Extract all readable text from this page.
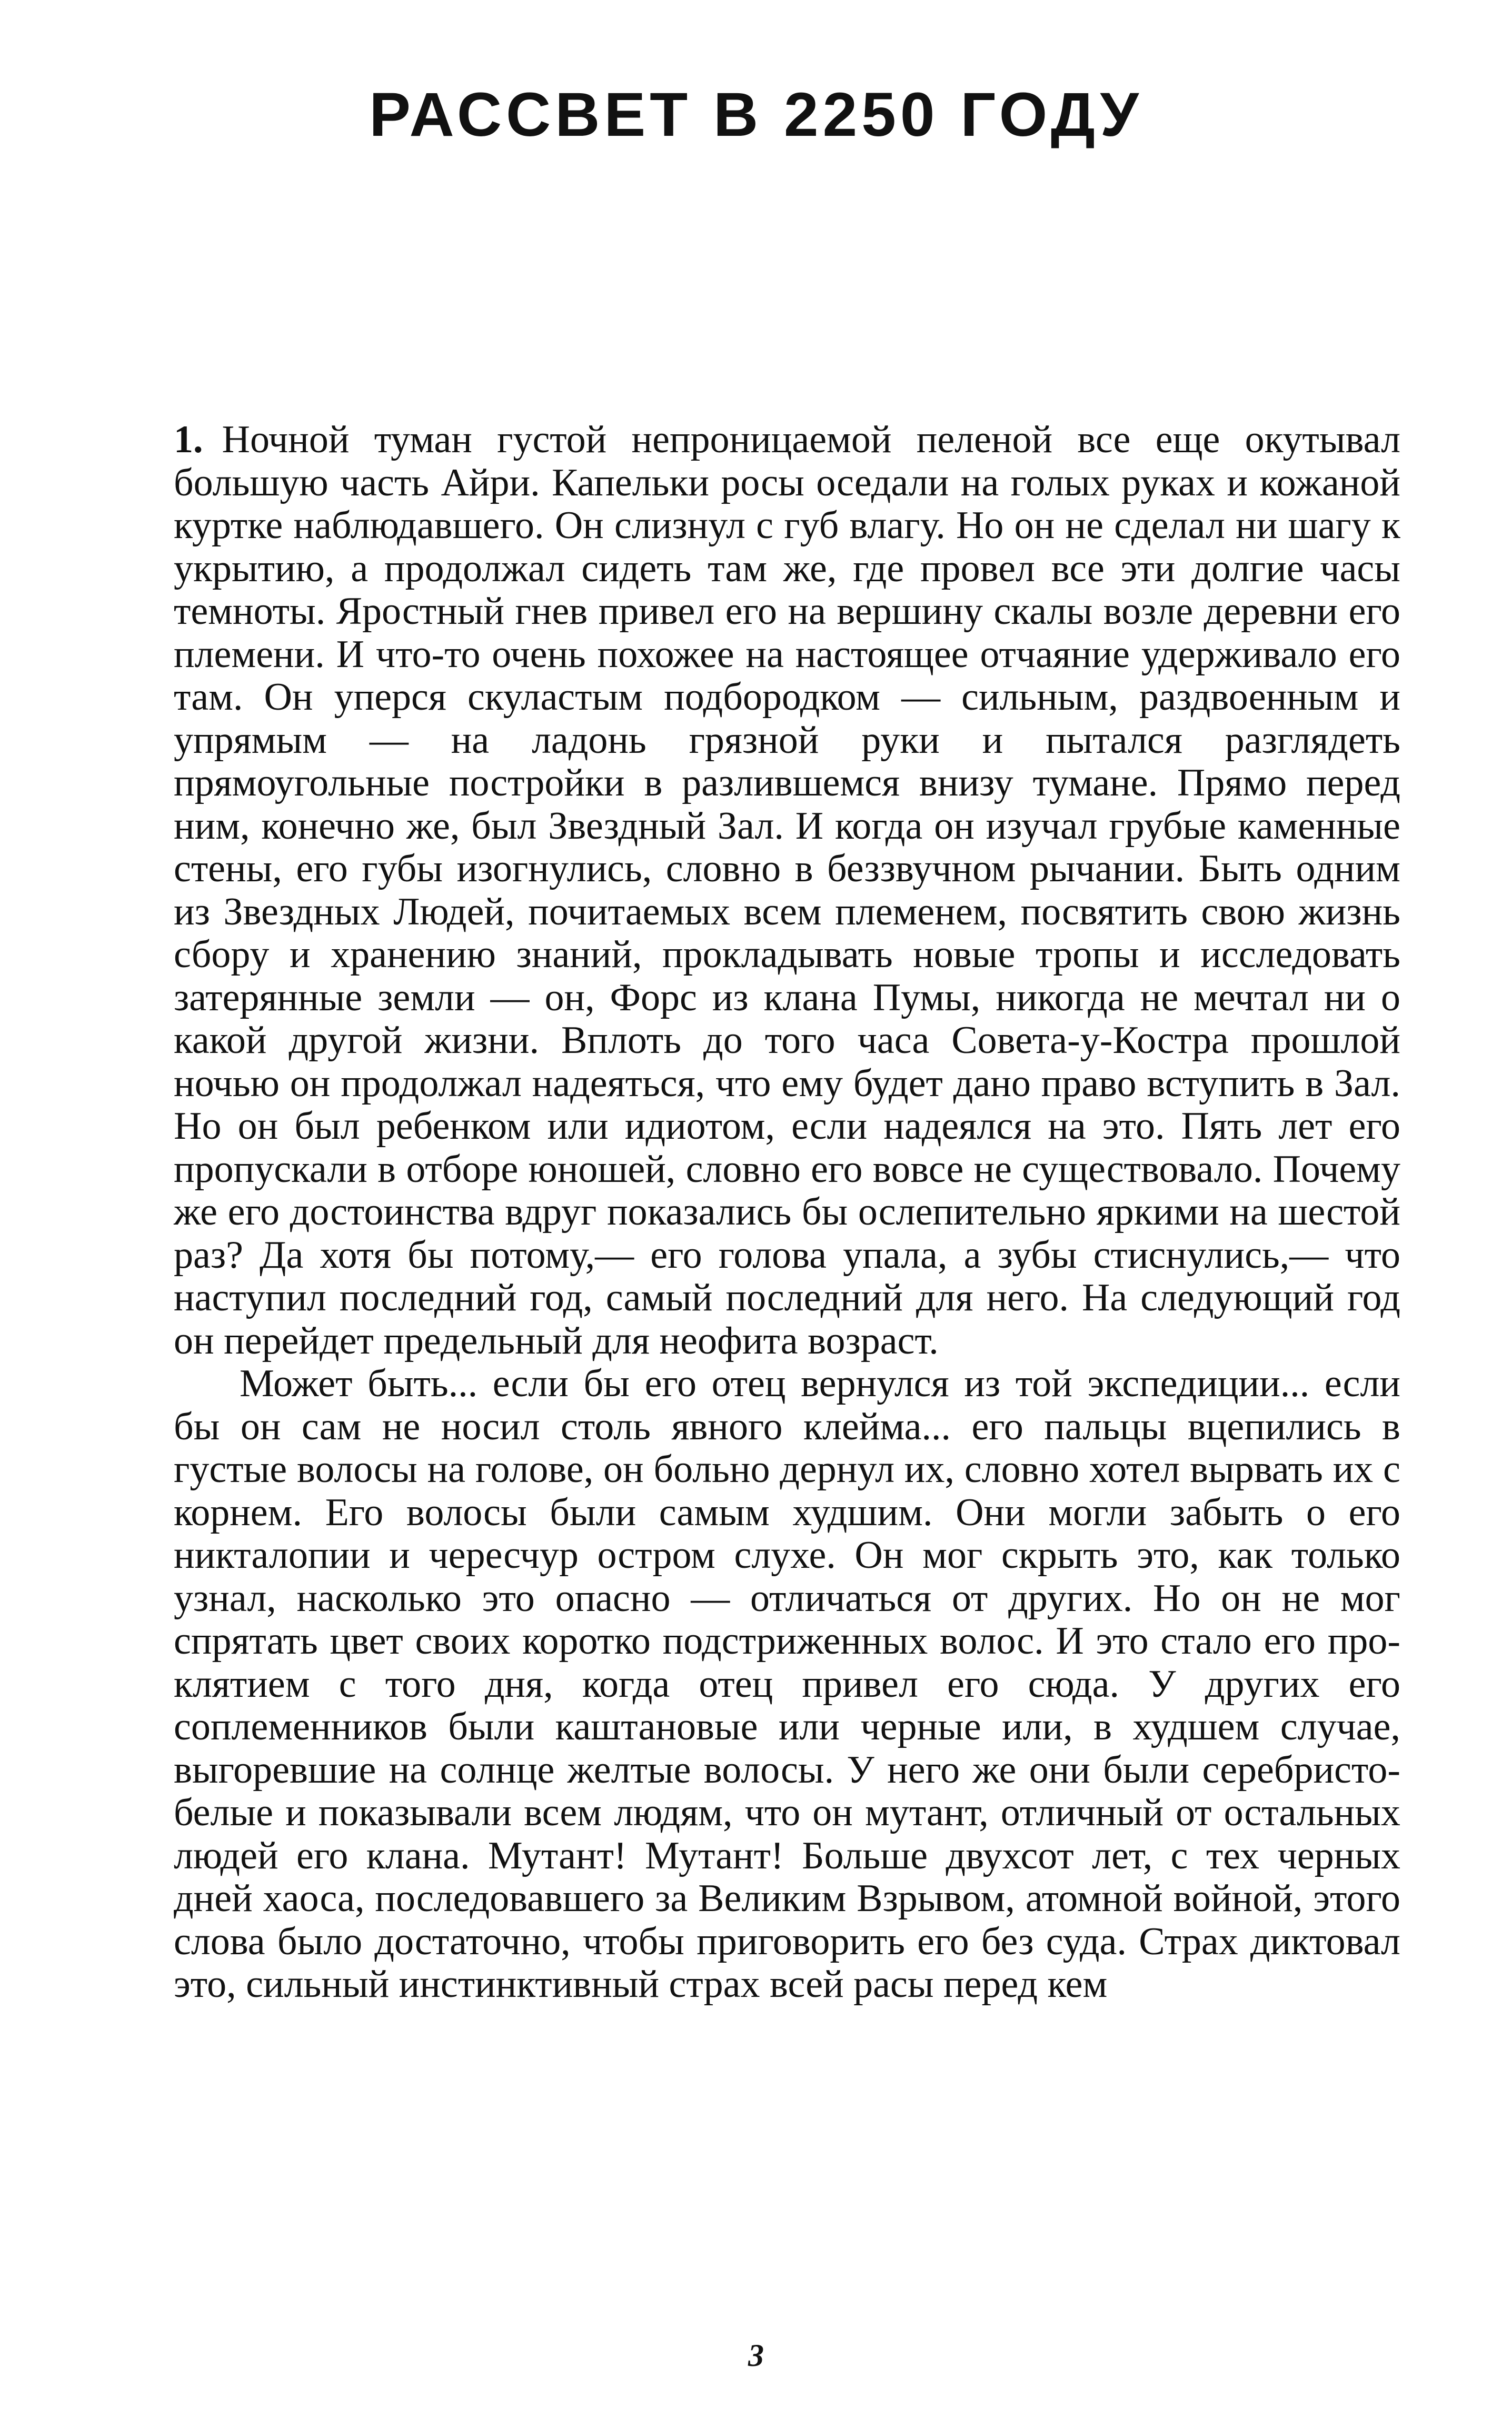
РАССВЕТ В 2250 ГОДУ

1. Ночной туман густой непроницаемой пеленой все еще окутывал большую часть Айри. Капельки росы оседали на голых руках и кожаной куртке наблюдавшего. Он слизнул с губ влагу. Но он не сделал ни шагу к укрытию, а продолжал сидеть там же, где провел все эти долгие часы темноты. Яростный гнев привел его на вершину скалы возле деревни его племени. И что-то очень похожее на настоящее отчаяние удерживало его там. Он уперся скуластым подбородком — сильным, раздвоенным и упрямым — на ладонь грязной руки и пытался разглядеть прямоугольные постройки в разлившемся внизу тумане. Прямо перед ним, конечно же, был Звездный Зал. И когда он изучал грубые каменные стены, его губы изогнулись, словно в беззвучном рычании. Быть одним из Звездных Людей, почитаемых всем племенем, посвятить свою жизнь сбору и хранению знаний, прокладывать новые тропы и исследовать затерянные земли — он, Форс из клана Пумы, никогда не мечтал ни о какой другой жизни. Вплоть до того часа Совета-у-Костра прошлой ночью он продолжал надеяться, что ему будет дано право вступить в Зал. Но он был ребенком или идиотом, если надеялся на это. Пять лет его пропускали в отборе юношей, словно его вовсе не существовало. Почему же его достоинства вдруг показались бы ослепительно яркими на шестой раз? Да хотя бы потому,— его голова упала, а зубы стиснулись,— что наступил последний год, самый последний для него. На следующий год он перейдет предельный для неофита возраст.

Может быть... если бы его отец вернулся из той экспедиции... если бы он сам не носил столь явного клейма... его пальцы вцепились в густые волосы на голове, он больно дернул их, словно хотел вырвать их с корнем. Его волосы были самым худшим. Они могли забыть о его никталопии и чересчур остром слухе. Он мог скрыть это, как только узнал, насколько это опасно — отличаться от других. Но он не мог спрятать цвет своих коротко подстриженных волос. И это стало его проклятием с того дня, когда отец привел его сюда. У других его соплеменников были каштановые или черные или, в худшем случае, выгоревшие на солнце желтые волосы. У него же они были серебристо-белые и показывали всем людям, что он мутант, отличный от остальных людей его клана. Мутант! Мутант! Больше двухсот лет, с тех черных дней хаоса, последовавшего за Великим Взрывом, атомной войной, этого слова было достаточно, чтобы приговорить его без суда. Страх диктовал это, сильный инстинктивный страх всей расы перед кем

3
